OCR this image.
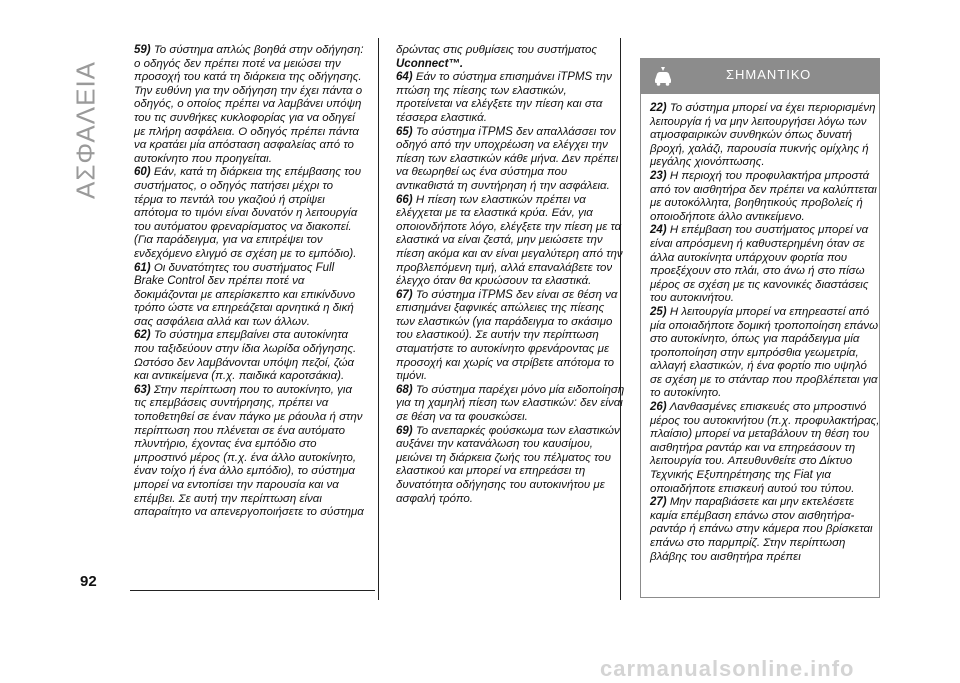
ΑΣΦΑΛΕΙΑ

59) Το σύστημα απλώς βοηθά στην οδήγηση: ο οδηγός δεν πρέπει ποτέ να μειώσει την προσοχή του κατά τη διάρκεια της οδήγησης. Την ευθύνη για την οδήγηση την έχει πάντα ο οδηγός, ο οποίος πρέπει να λαμβάνει υπόψη του τις συνθήκες κυκλοφορίας για να οδηγεί με πλήρη ασφάλεια. Ο οδηγός πρέπει πάντα να κρατάει μία απόσταση ασφαλείας από το αυτοκίνητο που προηγείται.

60) Εάν, κατά τη διάρκεια της επέμβασης του συστήματος, ο οδηγός πατήσει μέχρι το τέρμα το πεντάλ του γκαζιού ή στρίψει απότομα το τιμόνι είναι δυνατόν η λειτουργία του αυτόματου φρεναρίσματος να διακοπεί. (Για παράδειγμα, για να επιτρέψει τον ενδεχόμενο ελιγμό σε σχέση με το εμπόδιο).

61) Οι δυνατότητες του συστήματος Full Brake Control δεν πρέπει ποτέ να δοκιμάζονται με απερίσκεπτο και επικίνδυνο τρόπο ώστε να επηρεάζεται αρνητικά η δική σας ασφάλεια αλλά και των άλλων.

62) Το σύστημα επεμβαίνει στα αυτοκίνητα που ταξιδεύουν στην ίδια λωρίδα οδήγησης. Ωστόσο δεν λαμβάνονται υπόψη πεζοί, ζώα και αντικείμενα (π.χ. παιδικά καροτσάκια).

63) Στην περίπτωση που το αυτοκίνητο, για τις επεμβάσεις συντήρησης, πρέπει να τοποθετηθεί σε έναν πάγκο με ράουλα ή στην περίπτωση που πλένεται σε ένα αυτόματο πλυντήριο, έχοντας ένα εμπόδιο στο μπροστινό μέρος (π.χ. ένα άλλο αυτοκίνητο, έναν τοίχο ή ένα άλλο εμπόδιο), το σύστημα μπορεί να εντοπίσει την παρουσία και να επέμβει. Σε αυτή την περίπτωση είναι απαραίτητο να απενεργοποιήσετε το σύστημα

δρώντας στις ρυθμίσεις του συστήματος Uconnect™.

64) Εάν το σύστημα επισημάνει iTPMS την πτώση της πίεσης των ελαστικών, προτείνεται να ελέγξετε την πίεση και στα τέσσερα ελαστικά.

65) Το σύστημα iTPMS δεν απαλλάσσει τον οδηγό από την υποχρέωση να ελέγχει την πίεση των ελαστικών κάθε μήνα. Δεν πρέπει να θεωρηθεί ως ένα σύστημα που αντικαθιστά τη συντήρηση ή την ασφάλεια.

66) Η πίεση των ελαστικών πρέπει να ελέγχεται με τα ελαστικά κρύα. Εάν, για οποιονδήποτε λόγο, ελέγξετε την πίεση με τα ελαστικά να είναι ζεστά, μην μειώσετε την πίεση ακόμα και αν είναι μεγαλύτερη από την προβλεπόμενη τιμή, αλλά επαναλάβετε τον έλεγχο όταν θα κρυώσουν τα ελαστικά.

67) Το σύστημα iTPMS δεν είναι σε θέση να επισημάνει ξαφνικές απώλειες της πίεσης των ελαστικών (για παράδειγμα το σκάσιμο του ελαστικού). Σε αυτήν την περίπτωση σταματήστε το αυτοκίνητο φρενάροντας με προσοχή και χωρίς να στρίβετε απότομα το τιμόνι.

68) Το σύστημα παρέχει μόνο μία ειδοποίηση για τη χαμηλή πίεση των ελαστικών: δεν είναι σε θέση να τα φουσκώσει.

69) Το ανεπαρκές φούσκωμα των ελαστικών αυξάνει την κατανάλωση του καυσίμου, μειώνει τη διάρκεια ζωής του πέλματος του ελαστικού και μπορεί να επηρεάσει τη δυνατότητα οδήγησης του αυτοκινήτου με ασφαλή τρόπο.

ΣΗΜΑΝΤΙΚΟ

22) Το σύστημα μπορεί να έχει περιορισμένη λειτουργία ή να μην λειτουργήσει λόγω των ατμοσφαιρικών συνθηκών όπως δυνατή βροχή, χαλάζι, παρουσία πυκνής ομίχλης ή μεγάλης χιονόπτωσης.

23) Η περιοχή του προφυλακτήρα μπροστά από τον αισθητήρα δεν πρέπει να καλύπτεται με αυτοκόλλητα, βοηθητικούς προβολείς ή οποιοδήποτε άλλο αντικείμενο.

24) Η επέμβαση του συστήματος μπορεί να είναι απρόσμενη ή καθυστερημένη όταν σε άλλα αυτοκίνητα υπάρχουν φορτία που προεξέχουν στο πλάι, στο άνω ή στο πίσω μέρος σε σχέση με τις κανονικές διαστάσεις του αυτοκινήτου.

25) Η λειτουργία μπορεί να επηρεαστεί από μία οποιαδήποτε δομική τροποποίηση επάνω στο αυτοκίνητο, όπως για παράδειγμα μία τροποποίηση στην εμπρόσθια γεωμετρία, αλλαγή ελαστικών, ή ένα φορτίο πιο υψηλό σε σχέση με το στάνταρ που προβλέπεται για το αυτοκίνητο.

26) Λανθασμένες επισκευές στο μπροστινό μέρος του αυτοκινήτου (π.χ. προφυλακτήρας, πλαίσιο) μπορεί να μεταβάλουν τη θέση του αισθητήρα ραντάρ και να επηρεάσουν τη λειτουργία του. Απευθυνθείτε στο Δίκτυο Τεχνικής Εξυπηρέτησης της Fiat για οποιαδήποτε επισκευή αυτού του τύπου.

27) Μην παραβιάσετε και μην εκτελέσετε καμία επέμβαση επάνω στον αισθητήρα-ραντάρ ή επάνω στην κάμερα που βρίσκεται επάνω στο παρμπρίζ. Στην περίπτωση βλάβης του αισθητήρα πρέπει

92
carmanualsonline.info
